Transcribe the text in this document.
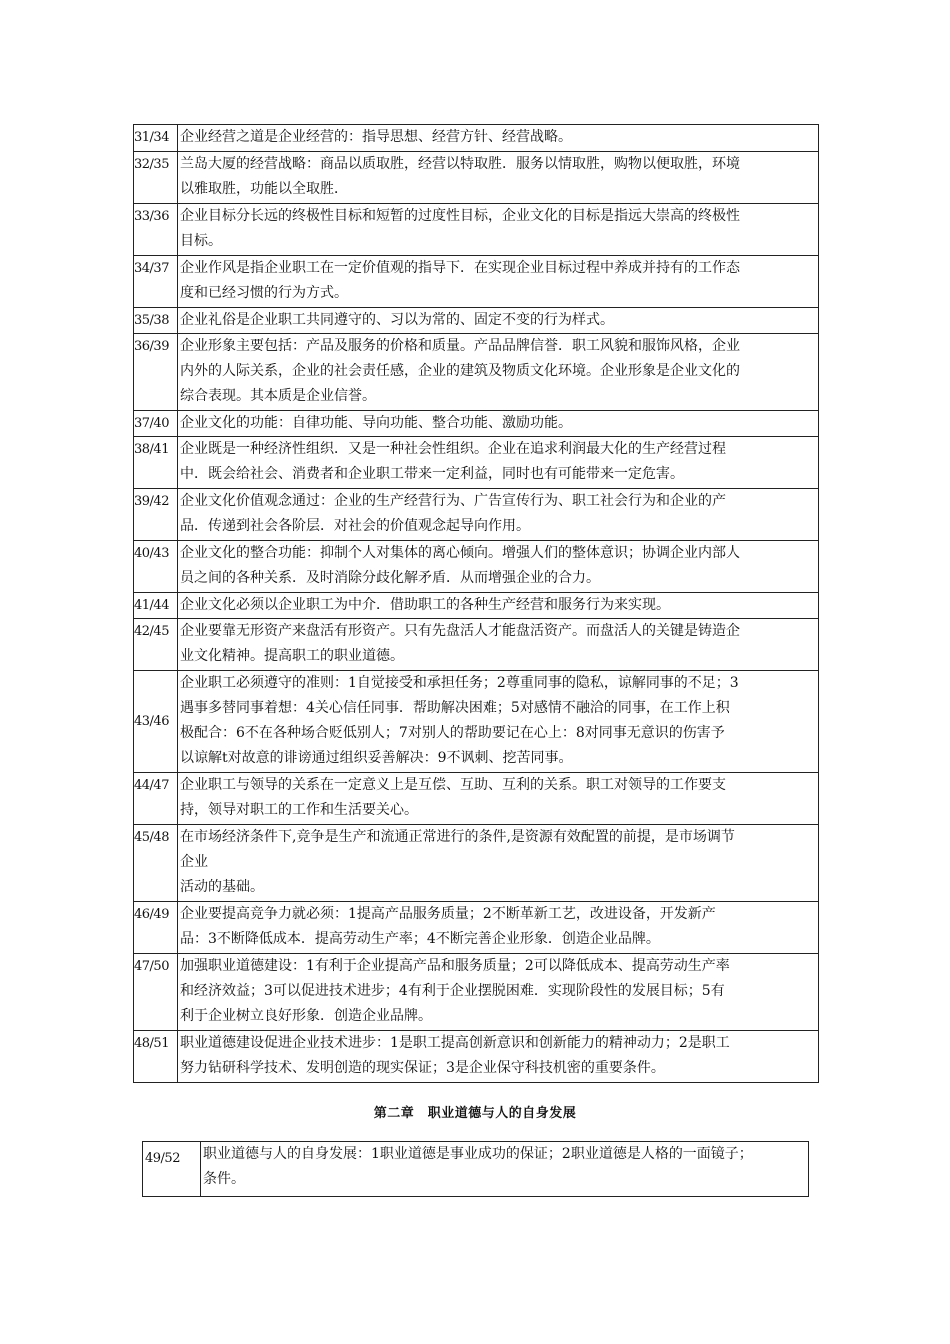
31/34	企业经营之道是企业经营的：指导思想、经营方针、经营战略。
32/35	兰岛大厦的经营战略：商品以质取胜，经营以特取胜．服务以情取胜，购物以便取胜，环境
以雅取胜，功能以全取胜．
33/36	企业目标分长远的终极性目标和短暂的过度性目标，企业文化的目标是指远大崇高的终极性
目标。
34/37	企业作风是指企业职工在一定价值观的指导下．在实现企业目标过程中养成并持有的工作态
度和已经习惯的行为方式。
35/38	企业礼俗是企业职工共同遵守的、习以为常的、固定不变的行为样式。
36/39	企业形象主要包括：产品及服务的价格和质量。产品品牌信誉．职工风貌和服饰风格，企业
内外的人际关系，企业的社会责任感，企业的建筑及物质文化环境。企业形象是企业文化的
综合表现。其本质是企业信誉。
37/40	企业文化的功能：自律功能、导向功能、整合功能、激励功能。
38/41	企业既是一种经济性组织．又是一种社会性组织。企业在追求利润最大化的生产经营过程
中．既会给社会、消费者和企业职工带来一定利益，同时也有可能带来一定危害。
39/42	企业文化价值观念通过：企业的生产经营行为、广告宣传行为、职工社会行为和企业的产
品．传递到社会各阶层．对社会的价值观念起导向作用。
40/43	企业文化的整合功能：抑制个人对集体的离心倾向。增强人们的整体意识；协调企业内部人
员之间的各种关系．及时消除分歧化解矛盾．从而增强企业的合力。
41/44	企业文化必须以企业职工为中介．借助职工的各种生产经营和服务行为来实现。
42/45	企业要靠无形资产来盘活有形资产。只有先盘活人才能盘活资产。而盘活人的关键是铸造企
业文化精神。提高职工的职业道德。
43/46	企业职工必须遵守的准则：1自觉接受和承担任务；2尊重同事的隐私，谅解同事的不足；3
遇事多替同事着想：4关心信任同事．帮助解决困难；5对感情不融洽的同事，在工作上积
极配合：6不在各种场合贬低别人；7对别人的帮助要记在心上：8对同事无意识的伤害予
以谅解t对故意的诽谤通过组织妥善解决：9不讽刺、挖苦同事。
44/47	企业职工与领导的关系在一定意义上是互偿、互助、互利的关系。职工对领导的工作要支
持，领导对职工的工作和生活要关心。
45/48	在市场经济条件下,竞争是生产和流通正常进行的条件,是资源有效配置的前提，是市场调节
企业
活动的基础。
46/49	企业要提高竞争力就必须：1提高产品服务质量；2不断革新工艺，改进设备，开发新产
品：3不断降低成本．提高劳动生产率；4不断完善企业形象．创造企业品牌。
47/50	加强职业道德建设：1有利于企业提高产品和服务质量；2可以降低成本、提高劳动生产率
和经济效益；3可以促进技术进步；4有利于企业摆脱困难．实现阶段性的发展目标；5有
利于企业树立良好形象．创造企业品牌。
48/51	职业道德建设促进企业技术进步：1是职工提高创新意识和创新能力的精神动力；2是职工
努力钻研科学技术、发明创造的现实保证；3是企业保守科技机密的重要条件。
第二章　职业道德与人的自身发展
49/52	职业道德与人的自身发展：1职业道德是事业成功的保证；2职业道德是人格的一面镜子；
条件。
